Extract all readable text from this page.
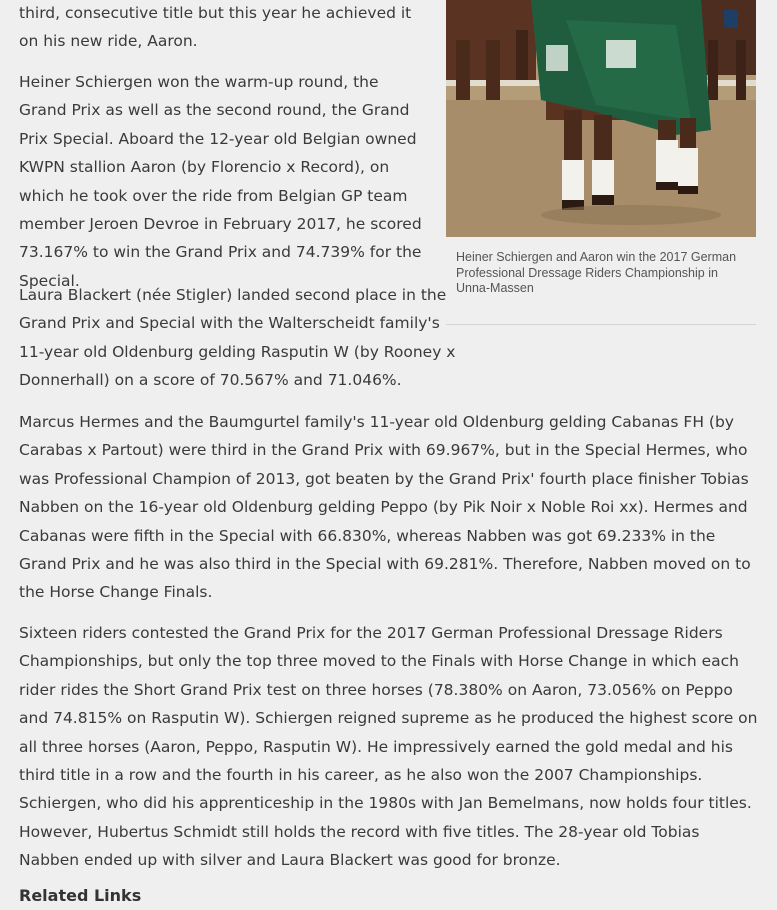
third, consecutive title but this year he achieved it on his new ride, Aaron.

Heiner Schiergen won the warm-up round, the Grand Prix as well as the second round, the Grand Prix Special. Aboard the 12-year old Belgian owned KWPN stallion Aaron (by Florencio x Record), on which he took over the ride from Belgian GP team member Jeroen Devroe in February 2017, he scored 73.167% to win the Grand Prix and 74.739% for the Special.

Laura Blackert (née Stigler) landed second place in the Grand Prix and Special with the Walterscheidt family's 11-year old Oldenburg gelding Rasputin W (by Rooney x Donnerhall) on a score of 70.567% and 71.046%.

Marcus Hermes and the Baumgurtel family's 11-year old Oldenburg gelding Cabanas FH (by Carabas x Partout) were third in the Grand Prix with 69.967%, but in the Special Hermes, who was Professional Champion of 2013, got beaten by the Grand Prix' fourth place finisher Tobias Nabben on the 16-year old Oldenburg gelding Peppo (by Pik Noir x Noble Roi xx). Hermes and Cabanas were fifth in the Special with 66.830%, whereas Nabben was got 69.233% in the Grand Prix and he was also third in the Special with 69.281%. Therefore, Nabben moved on to the Horse Change Finals.

Sixteen riders contested the Grand Prix for the 2017 German Professional Dressage Riders Championships, but only the top three moved to the Finals with Horse Change in which each rider rides the Short Grand Prix test on three horses (78.380% on Aaron, 73.056% on Peppo and 74.815% on Rasputin W). Schiergen reigned supreme as he produced the highest score on all three horses (Aaron, Peppo, Rasputin W). He impressively earned the gold medal and his third title in a row and the fourth in his career, as he also won the 2007 Championships. Schiergen, who did his apprenticeship in the 1980s with Jan Bemelmans, now holds four titles. However, Hubertus Schmidt still holds the record with five titles. The 28-year old Tobias Nabben ended up with silver and Laura Blackert was good for bronze.

Related Links
Heiner Schiergen and Aaron win the 2017 German Professional Dressage Riders Championship in Unna-Massen
